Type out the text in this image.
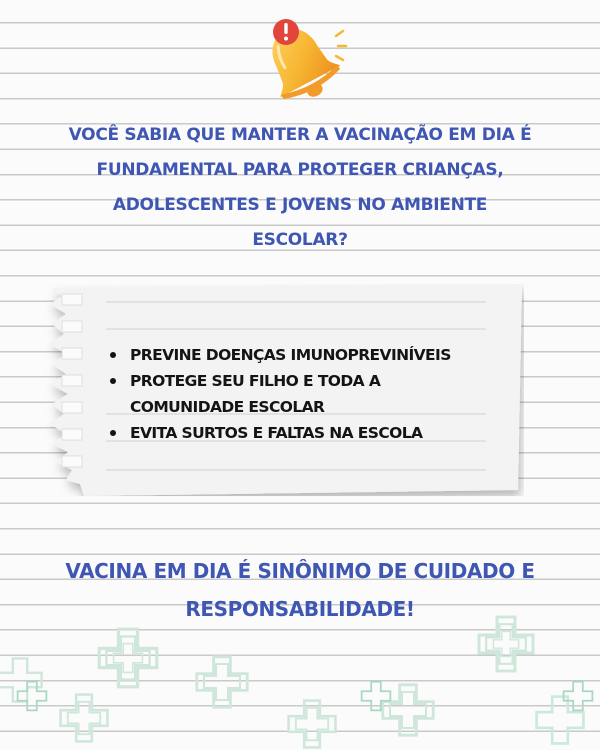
VOCÊ SABIA QUE MANTER A VACINAÇÃO EM DIA É
FUNDAMENTAL PARA PROTEGER CRIANÇAS,
ADOLESCENTES E JOVENS NO AMBIENTE
ESCOLAR?
PREVINE DOENÇAS IMUNOPREVINÍVEIS
PROTEGE SEU FILHO E TODA A
COMUNIDADE ESCOLAR
EVITA SURTOS E FALTAS NA ESCOLA
VACINA EM DIA É SINÔNIMO DE CUIDADO E
RESPONSABILIDADE!
